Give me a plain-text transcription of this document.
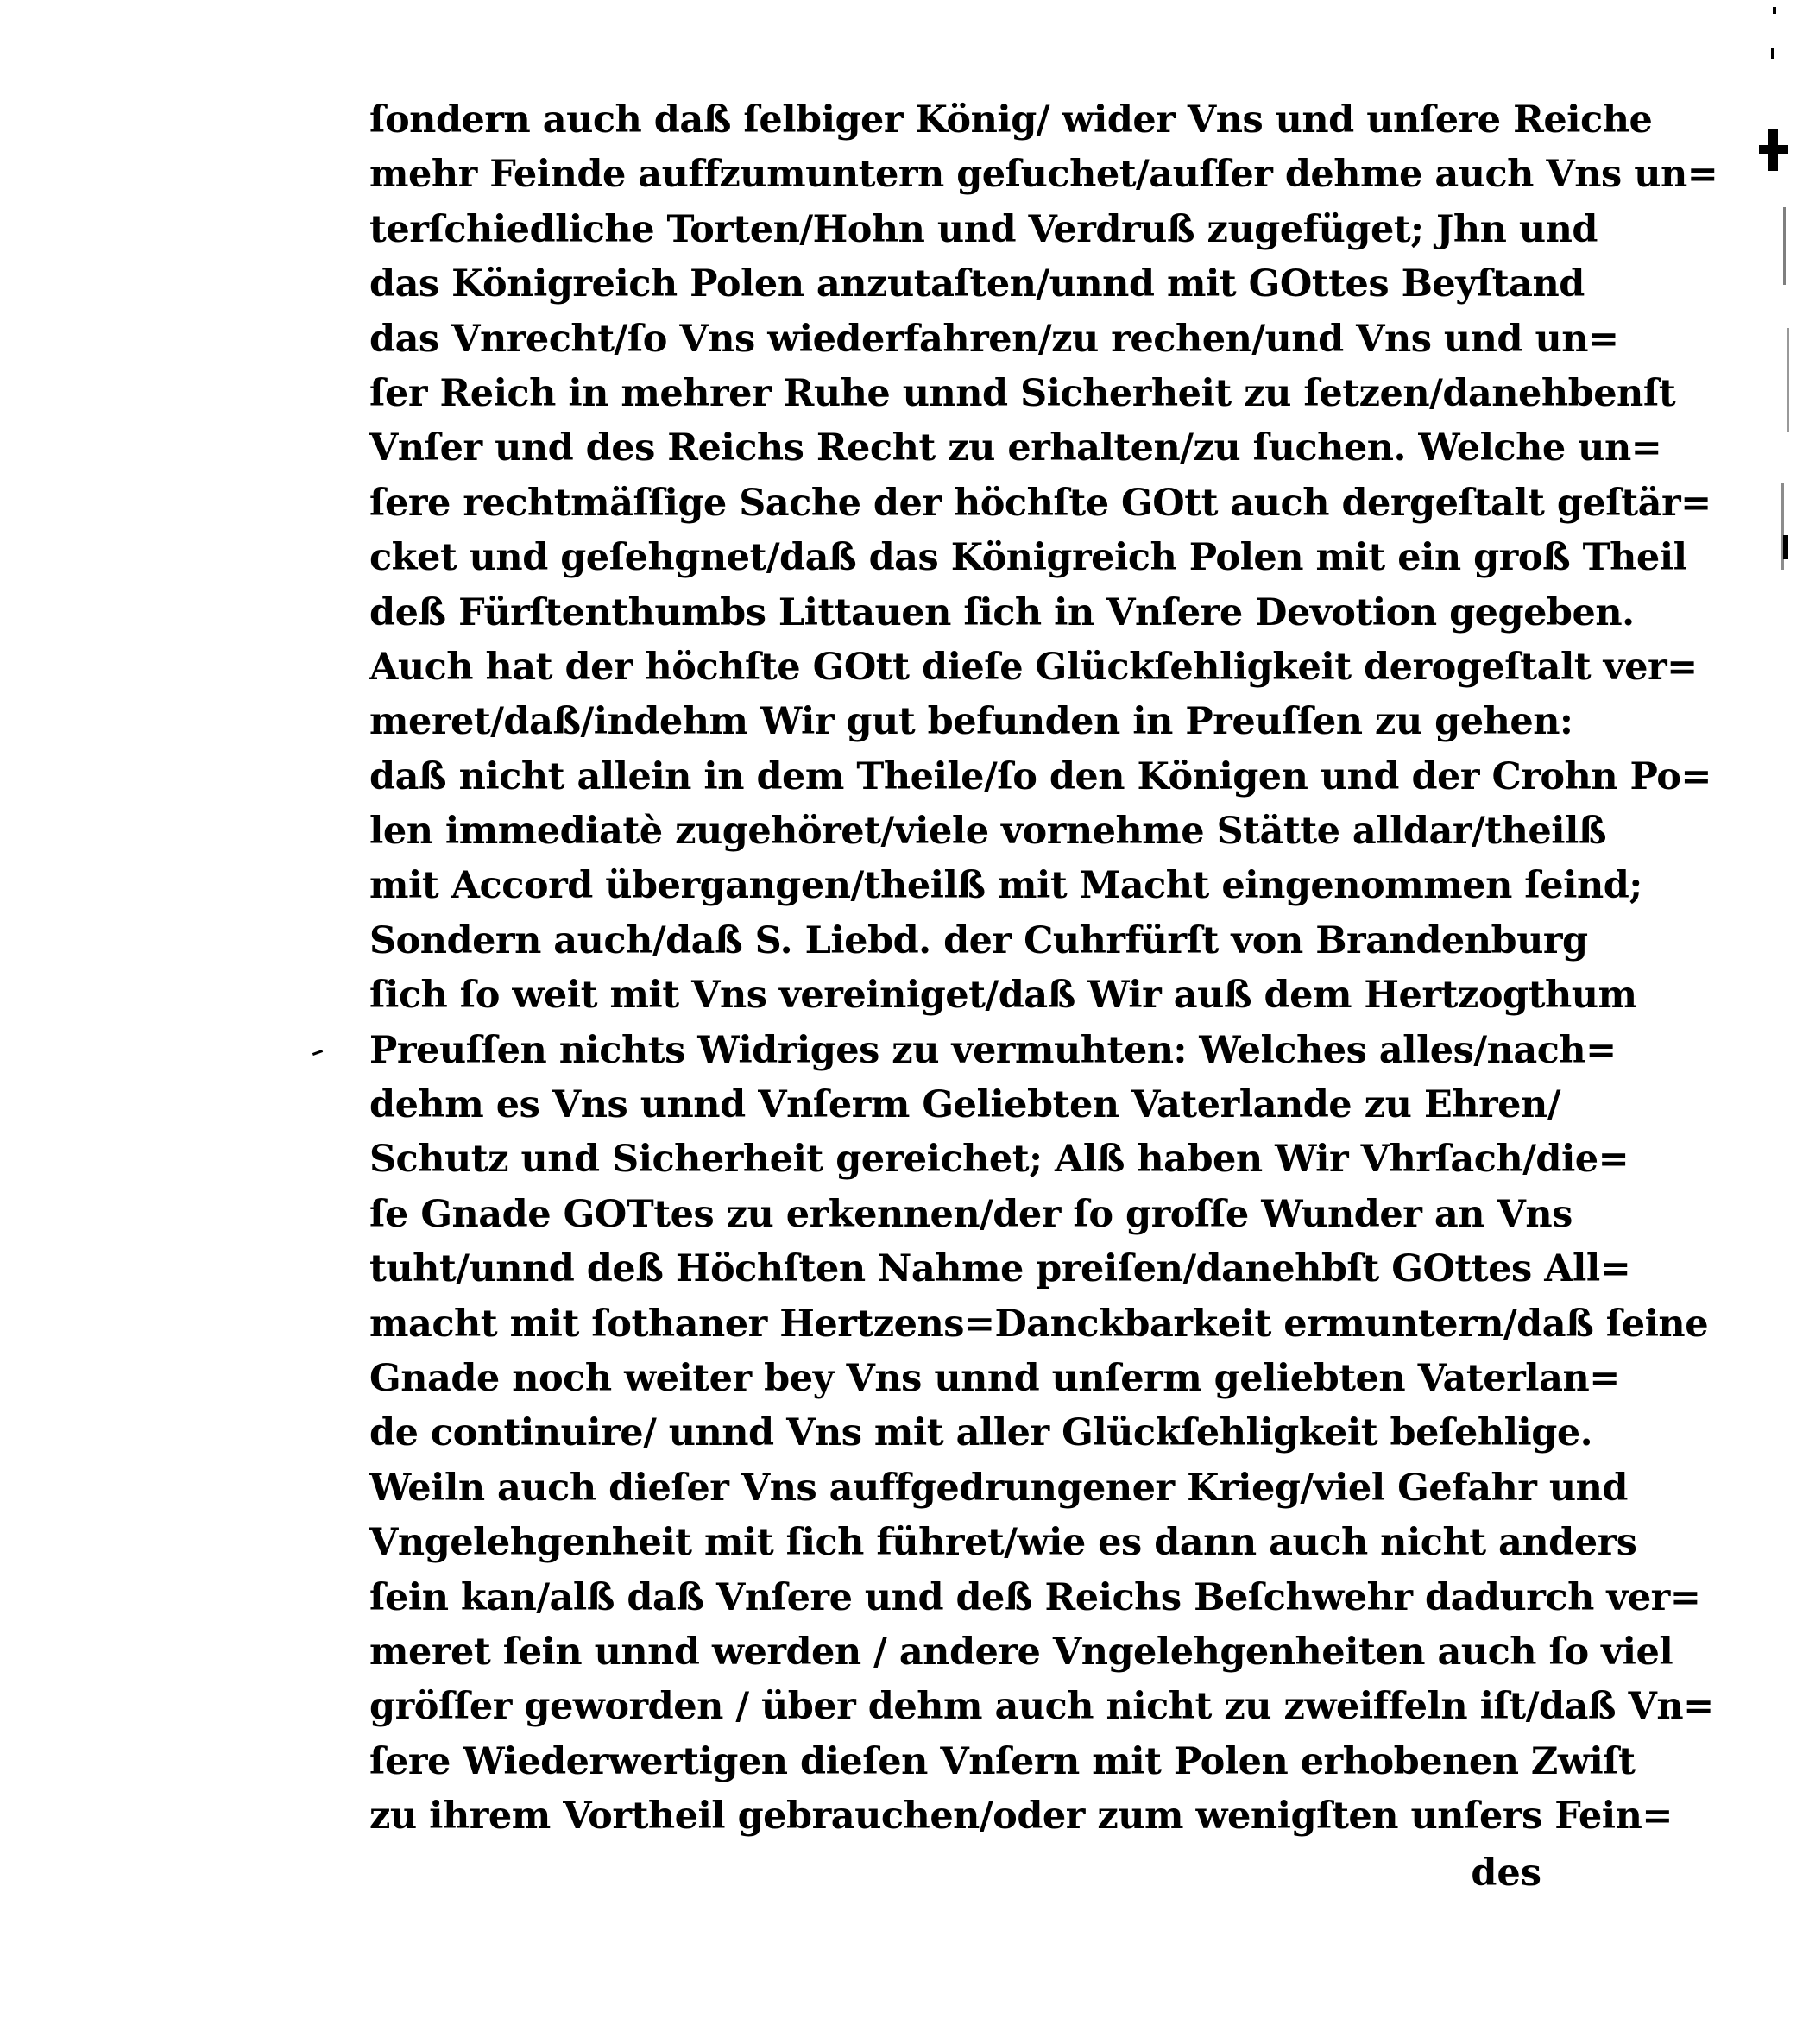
ſondern auch daß ſelbiger König/ wider Vns und unſere Reiche
mehr Feinde auffzumuntern geſuchet/auſſer dehme auch Vns un=
terſchiedliche Torten/Hohn und Verdruß zugefüget; Jhn und
das Königreich Polen anzutaſten/unnd mit GOttes Beyſtand
das Vnrecht/ſo Vns wiederfahren/zu rechen/und Vns und un=
ſer Reich in mehrer Ruhe unnd Sicherheit zu ſetzen/danehbenſt
Vnſer und des Reichs Recht zu erhalten/zu ſuchen. Welche un=
ſere rechtmäſſige Sache der höchſte GOtt auch dergeſtalt geſtär=
cket und geſehgnet/daß das Königreich Polen mit ein groß Theil
deß Fürſtenthumbs Littauen ſich in Vnſere Devotion gegeben.
Auch hat der höchſte GOtt dieſe Glückſehligkeit derogeſtalt ver=
meret/daß/indehm Wir gut befunden in Preuſſen zu gehen:
daß nicht allein in dem Theile/ſo den Königen und der Crohn Po=
len immediatè zugehöret/viele vornehme Stätte alldar/theilß
mit Accord übergangen/theilß mit Macht eingenommen ſeind;
Sondern auch/daß S. Liebd. der Cuhrfürſt von Brandenburg
ſich ſo weit mit Vns vereiniget/daß Wir auß dem Hertzogthum
Preuſſen nichts Widriges zu vermuhten: Welches alles/nach=
dehm es Vns unnd Vnſerm Geliebten Vaterlande zu Ehren/
Schutz und Sicherheit gereichet; Alß haben Wir Vhrſach/die=
ſe Gnade GOTtes zu erkennen/der ſo groſſe Wunder an Vns
tuht/unnd deß Höchſten Nahme preiſen/danehbſt GOttes All=
macht mit ſothaner Hertzens=Danckbarkeit ermuntern/daß ſeine
Gnade noch weiter bey Vns unnd unſerm geliebten Vaterlan=
de continuire/ unnd Vns mit aller Glückſehligkeit beſehlige.
Weiln auch dieſer Vns auffgedrungener Krieg/viel Gefahr und
Vngelehgenheit mit ſich führet/wie es dann auch nicht anders
ſein kan/alß daß Vnſere und deß Reichs Beſchwehr dadurch ver=
meret ſein unnd werden / andere Vngelehgenheiten auch ſo viel
gröſſer geworden / über dehm auch nicht zu zweiffeln iſt/daß Vn=
ſere Wiederwertigen dieſen Vnſern mit Polen erhobenen Zwiſt
zu ihrem Vortheil gebrauchen/oder zum wenigſten unſers Fein=
des
